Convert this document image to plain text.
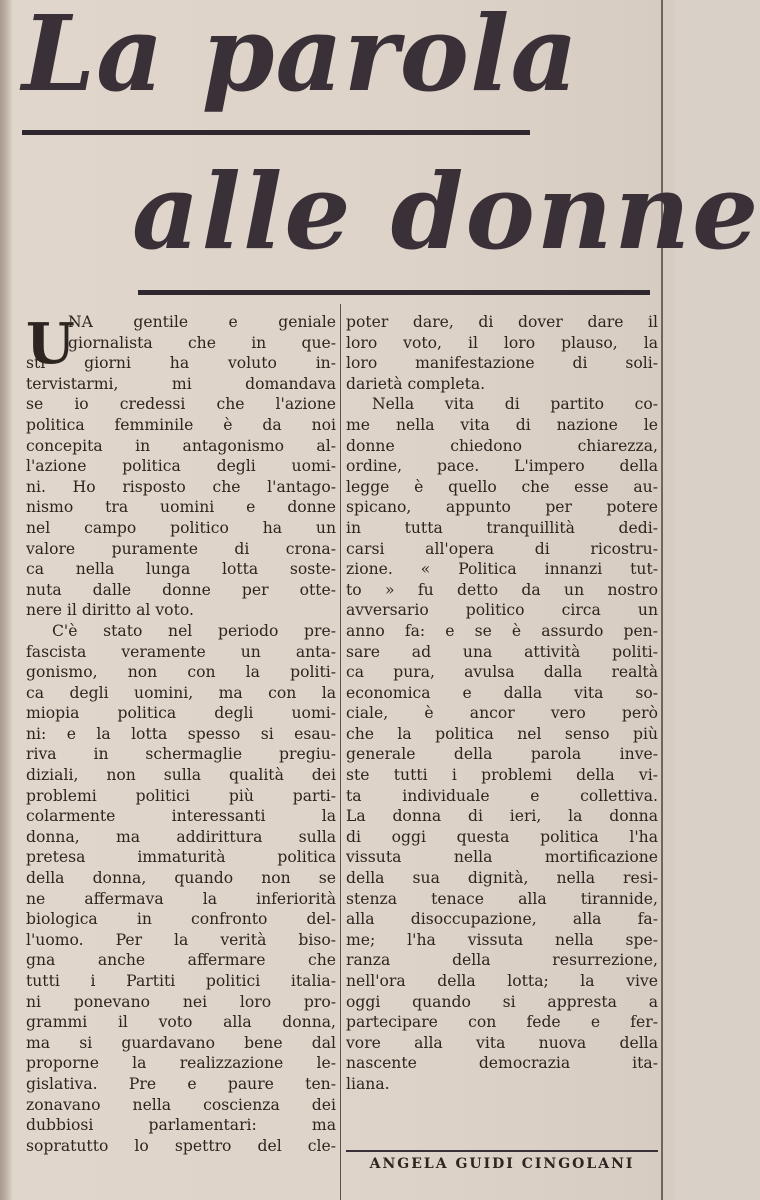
La parola
alle donne
U
NA gentile e geniale
giornalista che in que-
sti giorni ha voluto in-
tervistarmi, mi domandava
se io credessi che l'azione
politica femminile è da noi
concepita in antagonismo al-
l'azione politica degli uomi-
ni. Ho risposto che l'antago-
nismo tra uomini e donne
nel campo politico ha un
valore puramente di crona-
ca nella lunga lotta soste-
nuta dalle donne per otte-
nere il diritto al voto.
C'è stato nel periodo pre-
fascista veramente un anta-
gonismo, non con la politi-
ca degli uomini, ma con la
miopia politica degli uomi-
ni: e la lotta spesso si esau-
riva in schermaglie pregiu-
diziali, non sulla qualità dei
problemi politici più parti-
colarmente interessanti la
donna, ma addirittura sulla
pretesa immaturità politica
della donna, quando non se
ne affermava la inferiorità
biologica in confronto del-
l'uomo. Per la verità biso-
gna anche affermare che
tutti i Partiti politici italia-
ni ponevano nei loro pro-
grammi il voto alla donna,
ma si guardavano bene dal
proporne la realizzazione le-
gislativa. Pre e paure ten-
zonavano nella coscienza dei
dubbiosi parlamentari: ma
sopratutto lo spettro del cle-
poter dare, di dover dare il
loro voto, il loro plauso, la
loro manifestazione di soli-
darietà completa.
Nella vita di partito co-
me nella vita di nazione le
donne chiedono chiarezza,
ordine, pace. L'impero della
legge è quello che esse au-
spicano, appunto per potere
in tutta tranquillità dedi-
carsi all'opera di ricostru-
zione. « Politica innanzi tut-
to » fu detto da un nostro
avversario politico circa un
anno fa: e se è assurdo pen-
sare ad una attività politi-
ca pura, avulsa dalla realtà
economica e dalla vita so-
ciale, è ancor vero però
che la politica nel senso più
generale della parola inve-
ste tutti i problemi della vi-
ta individuale e collettiva.
La donna di ieri, la donna
di oggi questa politica l'ha
vissuta nella mortificazione
della sua dignità, nella resi-
stenza tenace alla tirannide,
alla disoccupazione, alla fa-
me; l'ha vissuta nella spe-
ranza della resurrezione,
nell'ora della lotta; la vive
oggi quando si appresta a
partecipare con fede e fer-
vore alla vita nuova della
nascente democrazia ita-
liana.
ANGELA GUIDI CINGOLANI
